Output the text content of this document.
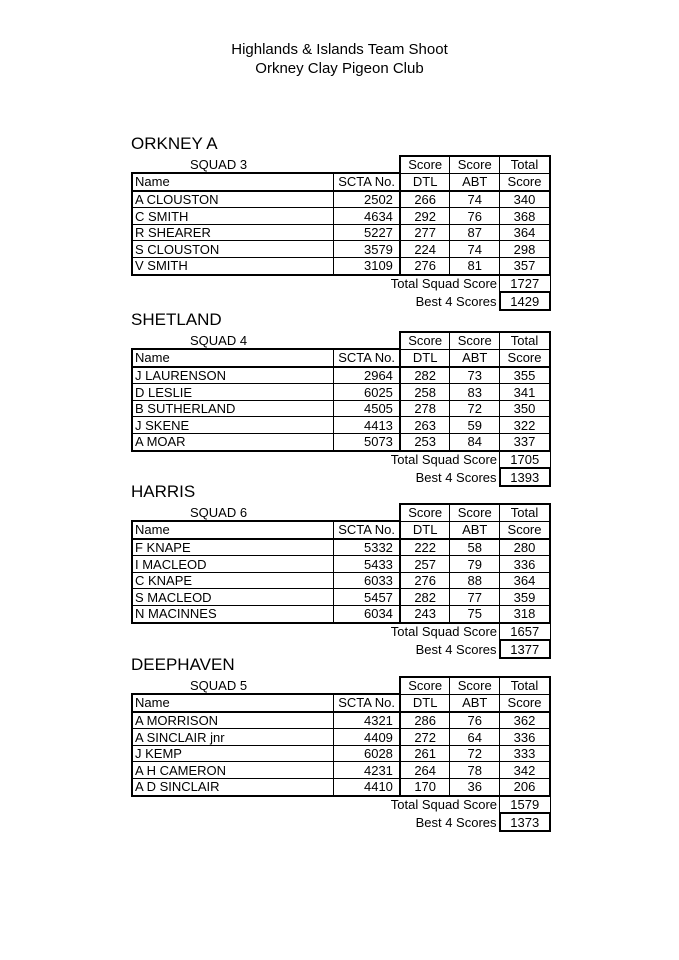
Highlands & Islands Team Shoot
Orkney Clay Pigeon Club
ORKNEY A
SQUAD 3		Score	Score	Total
Name	SCTA No.	DTL	ABT	Score
A CLOUSTON	2502	266	74	340
C SMITH	4634	292	76	368
R SHEARER	5227	277	87	364
S CLOUSTON	3579	224	74	298
V SMITH	3109	276	81	357
Total Squad Score				1727
Best 4 Scores				1429
SHETLAND
SQUAD 4		Score	Score	Total
Name	SCTA No.	DTL	ABT	Score
J LAURENSON	2964	282	73	355
D LESLIE	6025	258	83	341
B SUTHERLAND	4505	278	72	350
J SKENE	4413	263	59	322
A MOAR	5073	253	84	337
Total Squad Score				1705
Best 4 Scores				1393
HARRIS
SQUAD 6		Score	Score	Total
Name	SCTA No.	DTL	ABT	Score
F KNAPE	5332	222	58	280
I MACLEOD	5433	257	79	336
C KNAPE	6033	276	88	364
S MACLEOD	5457	282	77	359
N MACINNES	6034	243	75	318
Total Squad Score				1657
Best 4 Scores				1377
DEEPHAVEN
SQUAD 5		Score	Score	Total
Name	SCTA No.	DTL	ABT	Score
A MORRISON	4321	286	76	362
A SINCLAIR jnr	4409	272	64	336
J KEMP	6028	261	72	333
A H CAMERON	4231	264	78	342
A D SINCLAIR	4410	170	36	206
Total Squad Score				1579
Best 4 Scores				1373
